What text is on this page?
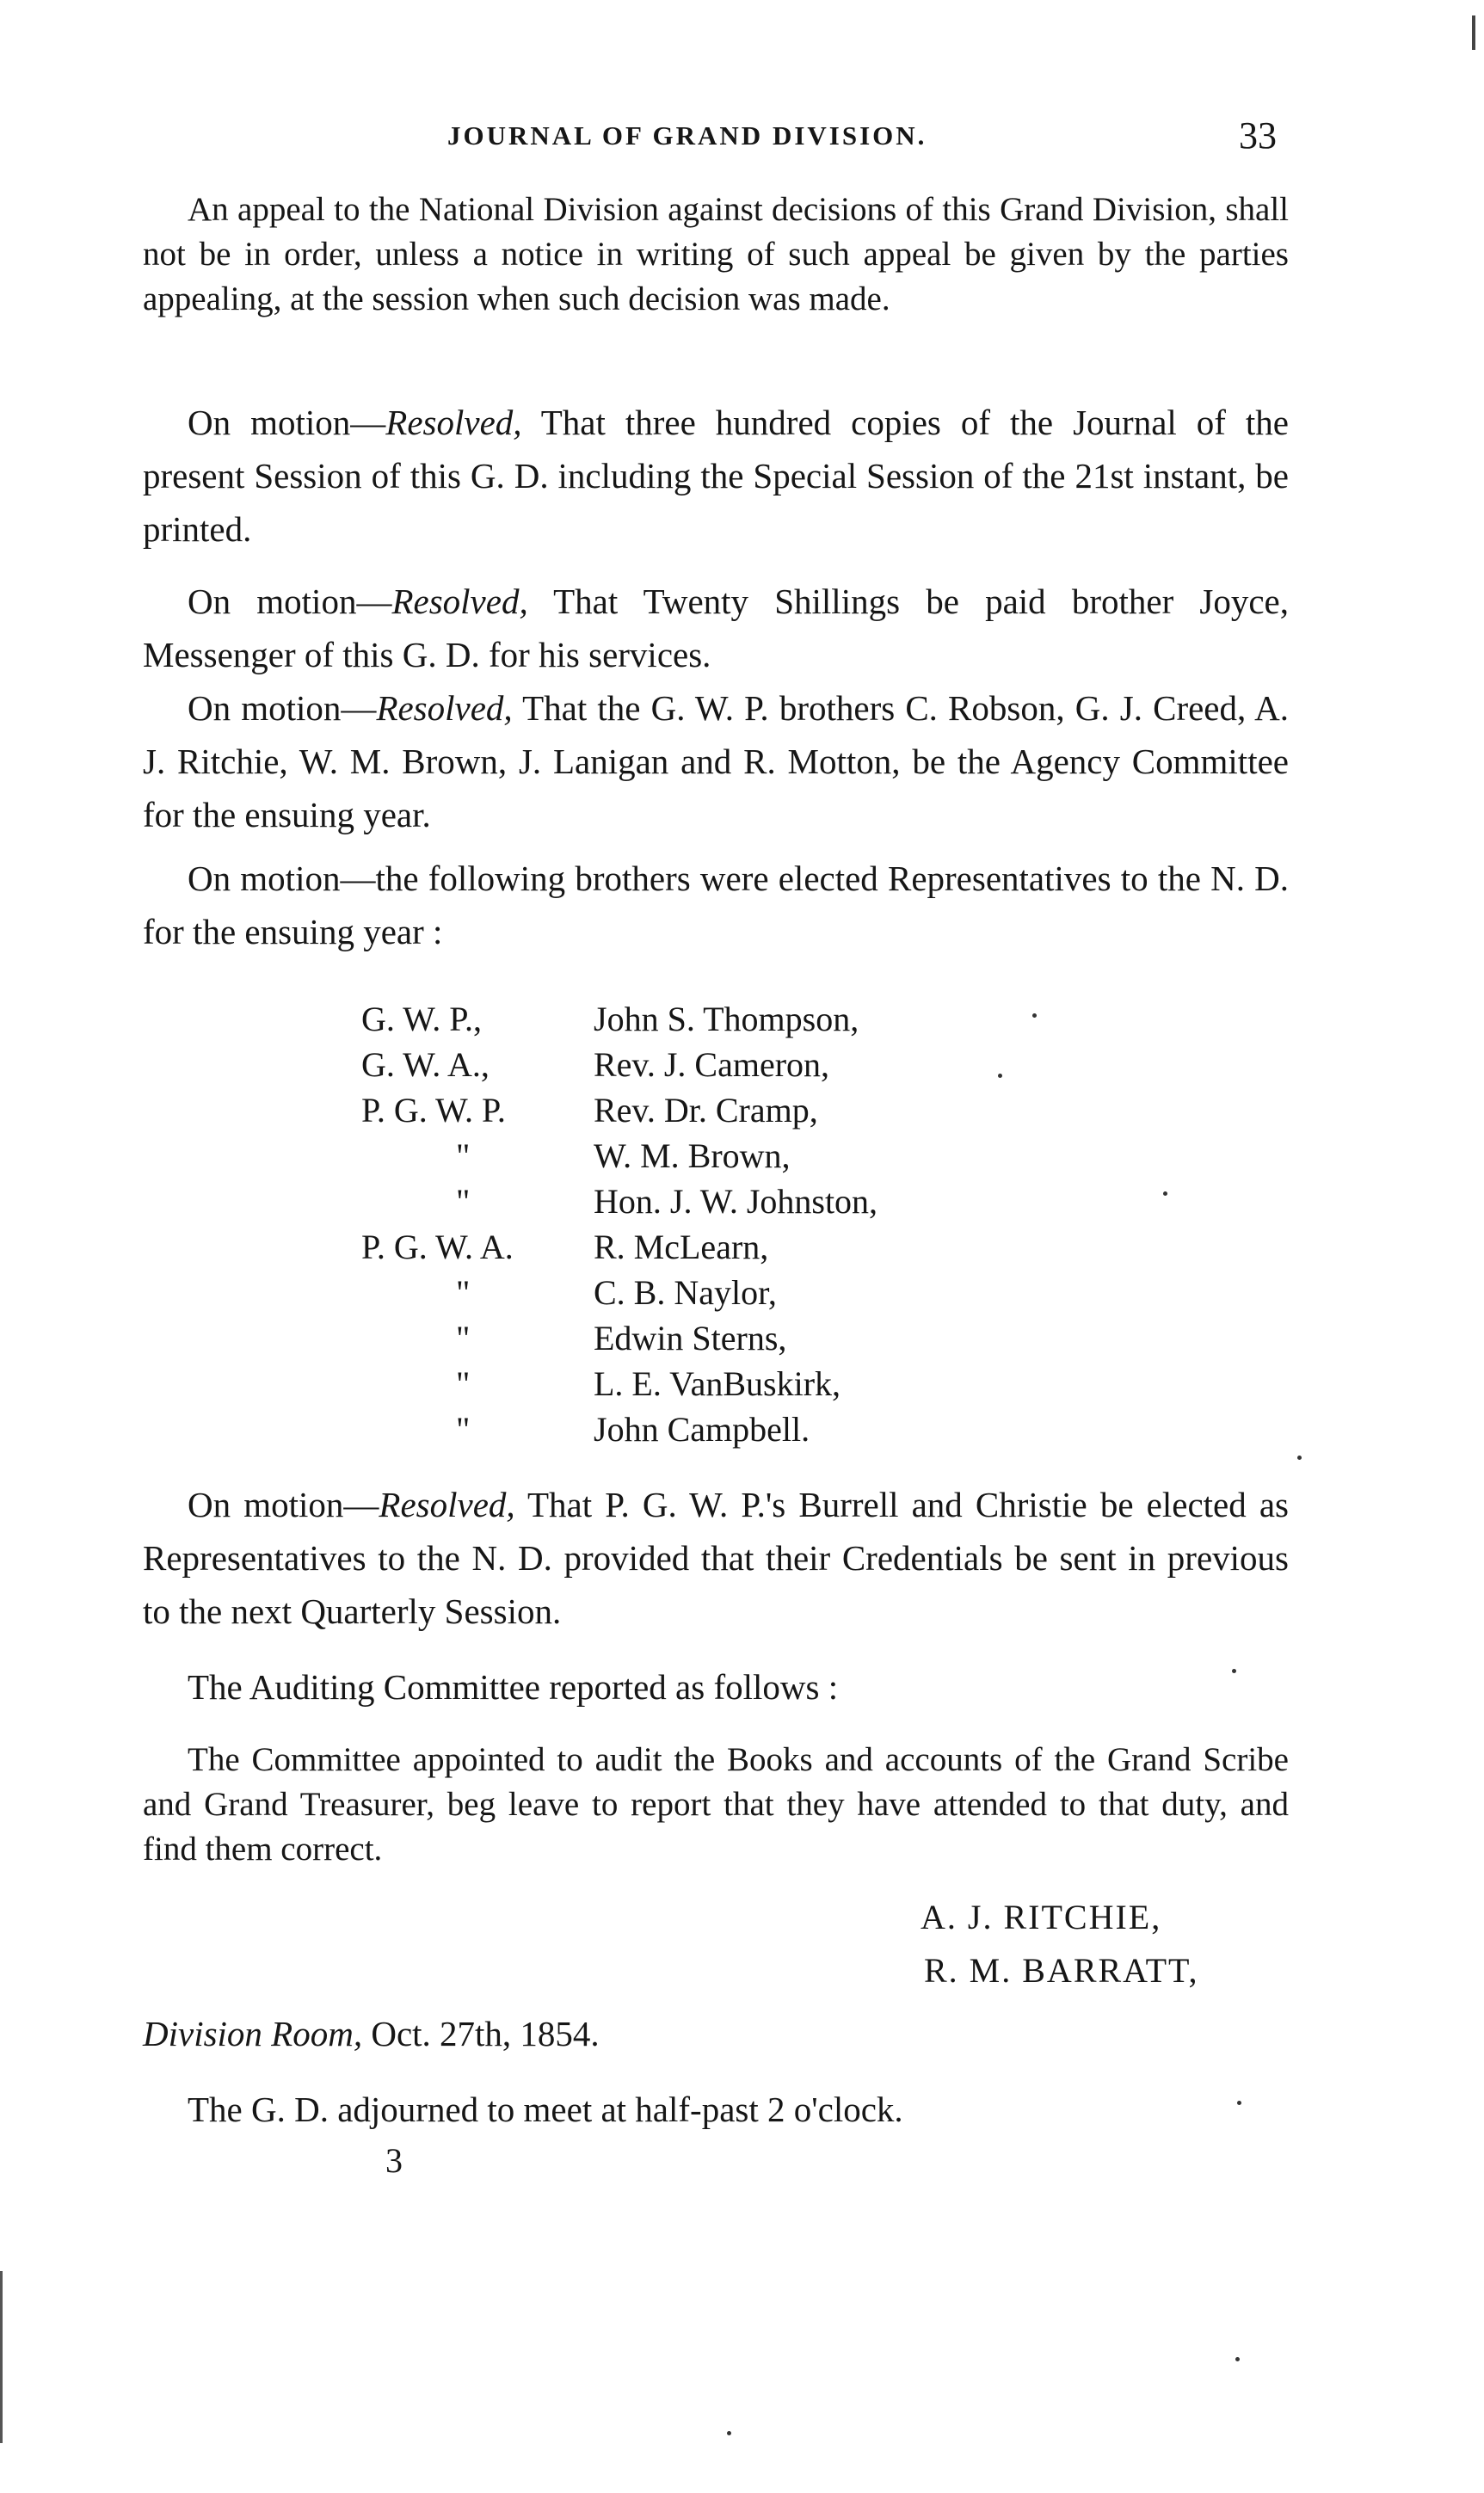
JOURNAL OF GRAND DIVISION.	33

An appeal to the National Division against decisions of this Grand Division, shall not be in order, unless a notice in writing of such appeal be given by the parties appealing, at the session when such decision was made.

On motion—Resolved, That three hundred copies of the Journal of the present Session of this G. D. including the Special Session of the 21st instant, be printed.

On motion—Resolved, That Twenty Shillings be paid brother Joyce, Messenger of this G. D. for his services.

On motion—Resolved, That the G. W. P. brothers C. Robson, G. J. Creed, A. J. Ritchie, W. M. Brown, J. Lanigan and R. Motton, be the Agency Committee for the ensuing year.

On motion—the following brothers were elected Representatives to the N. D. for the ensuing year :

G. W. P.,	John S. Thompson,
G. W. A.,	Rev. J. Cameron,
P. G. W. P.	Rev. Dr. Cramp,
"	W. M. Brown,
"	Hon. J. W. Johnston,
P. G. W. A.	R. McLearn,
"	C. B. Naylor,
"	Edwin Sterns,
"	L. E. VanBuskirk,
"	John Campbell.

On motion—Resolved, That P. G. W. P.'s Burrell and Christie be elected as Representatives to the N. D. provided that their Credentials be sent in previous to the next Quarterly Session.

The Auditing Committee reported as follows :

The Committee appointed to audit the Books and accounts of the Grand Scribe and Grand Treasurer, beg leave to report that they have attended to that duty, and find them correct.

A. J. RITCHIE,
R. M. BARRATT,
Division Room, Oct. 27th, 1854.
The G. D. adjourned to meet at half-past 2 o'clock.
3
